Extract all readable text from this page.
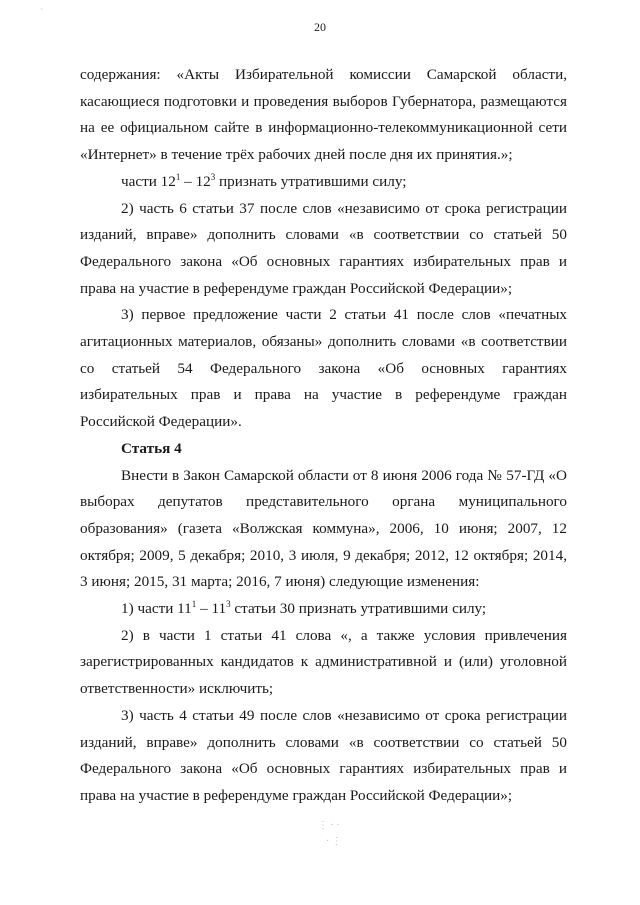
20
ˋ

содержания: «Акты Избирательной комиссии Самарской области, касающиеся подготовки и проведения выборов Губернатора, размещаются на ее официальном сайте в информационно-телекоммуникационной сети «Интернет» в течение трёх рабочих дней после дня их принятия.»;

части $12^1 - 12^3$ признать утратившими силу;

2) часть 6 статьи 37 после слов «независимо от срока регистрации изданий, вправе» дополнить словами «в соответствии со статьей 50 Федерального закона «Об основных гарантиях избирательных прав и права на участие в референдуме граждан Российской Федерации»;

3) первое предложение части 2 статьи 41 после слов «печатных агитационных материалов, обязаны» дополнить словами «в соответствии со статьей 54 Федерального закона «Об основных гарантиях избирательных прав и права на участие в референдуме граждан Российской Федерации».

Статья 4

Внести в Закон Самарской области от 8 июня 2006 года № 57-ГД «О выборах депутатов представительного органа муниципального образования» (газета «Волжская коммуна», 2006, 10 июня; 2007, 12 октября; 2009, 5 декабря; 2010, 3 июля, 9 декабря; 2012, 12 октября; 2014, 3 июня; 2015, 31 марта; 2016, 7 июня) следующие изменения:

1) части $11^1 - 11^3$ статьи 30 признать утратившими силу;

2) в части 1 статьи 41 слова «, а также условия привлечения зарегистрированных кандидатов к административной и (или) уголовной ответственности» исключить;

3) часть 4 статьи 49 после слов «независимо от срока регистрации изданий, вправе» дополнить словами «в соответствии со статьей 50 Федерального закона «Об основных гарантиях избирательных прав и права на участие в референдуме граждан Российской Федерации»;

⋮ · ·
· ⋮
